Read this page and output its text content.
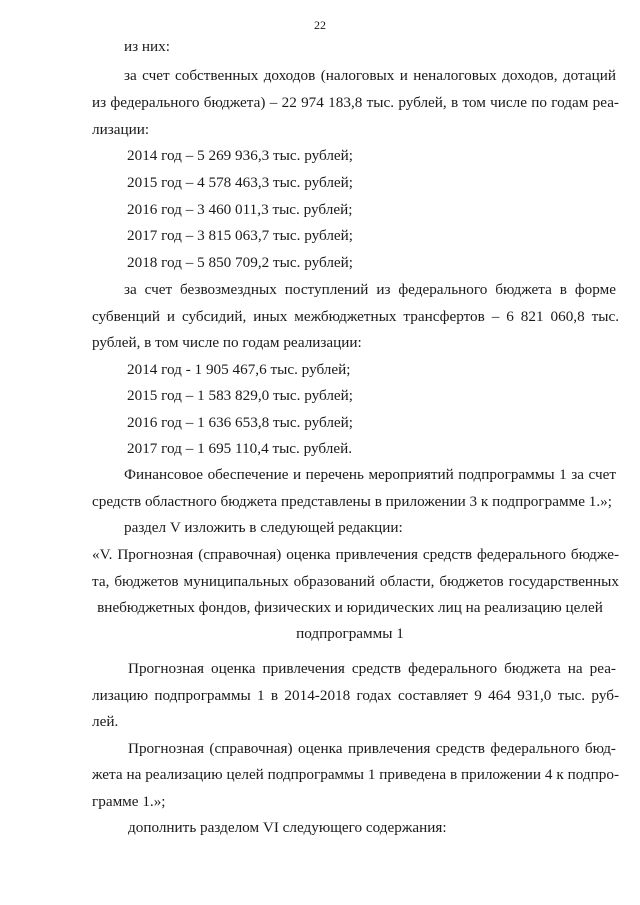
22
из них:
за счет собственных доходов (налоговых и неналоговых доходов, дотаций
из федерального бюджета) – 22 974 183,8 тыс. рублей, в том числе по годам реа-
лизации:
2014 год – 5 269 936,3 тыс. рублей;
2015 год – 4 578 463,3 тыс. рублей;
2016 год – 3 460 011,3 тыс. рублей;
2017 год – 3 815 063,7 тыс. рублей;
2018 год – 5 850 709,2 тыс. рублей;
за счет безвозмездных поступлений из федерального бюджета в форме
субвенций и субсидий, иных межбюджетных трансфертов – 6 821 060,8 тыс.
рублей, в том числе по годам реализации:
2014 год - 1 905 467,6 тыс. рублей;
2015 год – 1 583 829,0 тыс. рублей;
2016 год – 1 636 653,8 тыс. рублей;
2017 год – 1 695 110,4 тыс. рублей.
Финансовое обеспечение и перечень мероприятий подпрограммы 1 за счет
средств областного бюджета представлены в приложении 3 к подпрограмме 1.»;
раздел V изложить в следующей редакции:
«V. Прогнозная (справочная) оценка привлечения средств федерального бюдже-
та, бюджетов муниципальных образований области, бюджетов государственных
внебюджетных фондов, физических и юридических лиц на реализацию целей
подпрограммы 1
Прогнозная оценка привлечения средств федерального бюджета на реа-
лизацию подпрограммы 1 в 2014-2018 годах составляет 9 464 931,0 тыс. руб-
лей.
Прогнозная (справочная) оценка привлечения средств федерального бюд-
жета на реализацию целей подпрограммы 1 приведена в приложении 4 к подпро-
грамме 1.»;
дополнить разделом VI следующего содержания:
